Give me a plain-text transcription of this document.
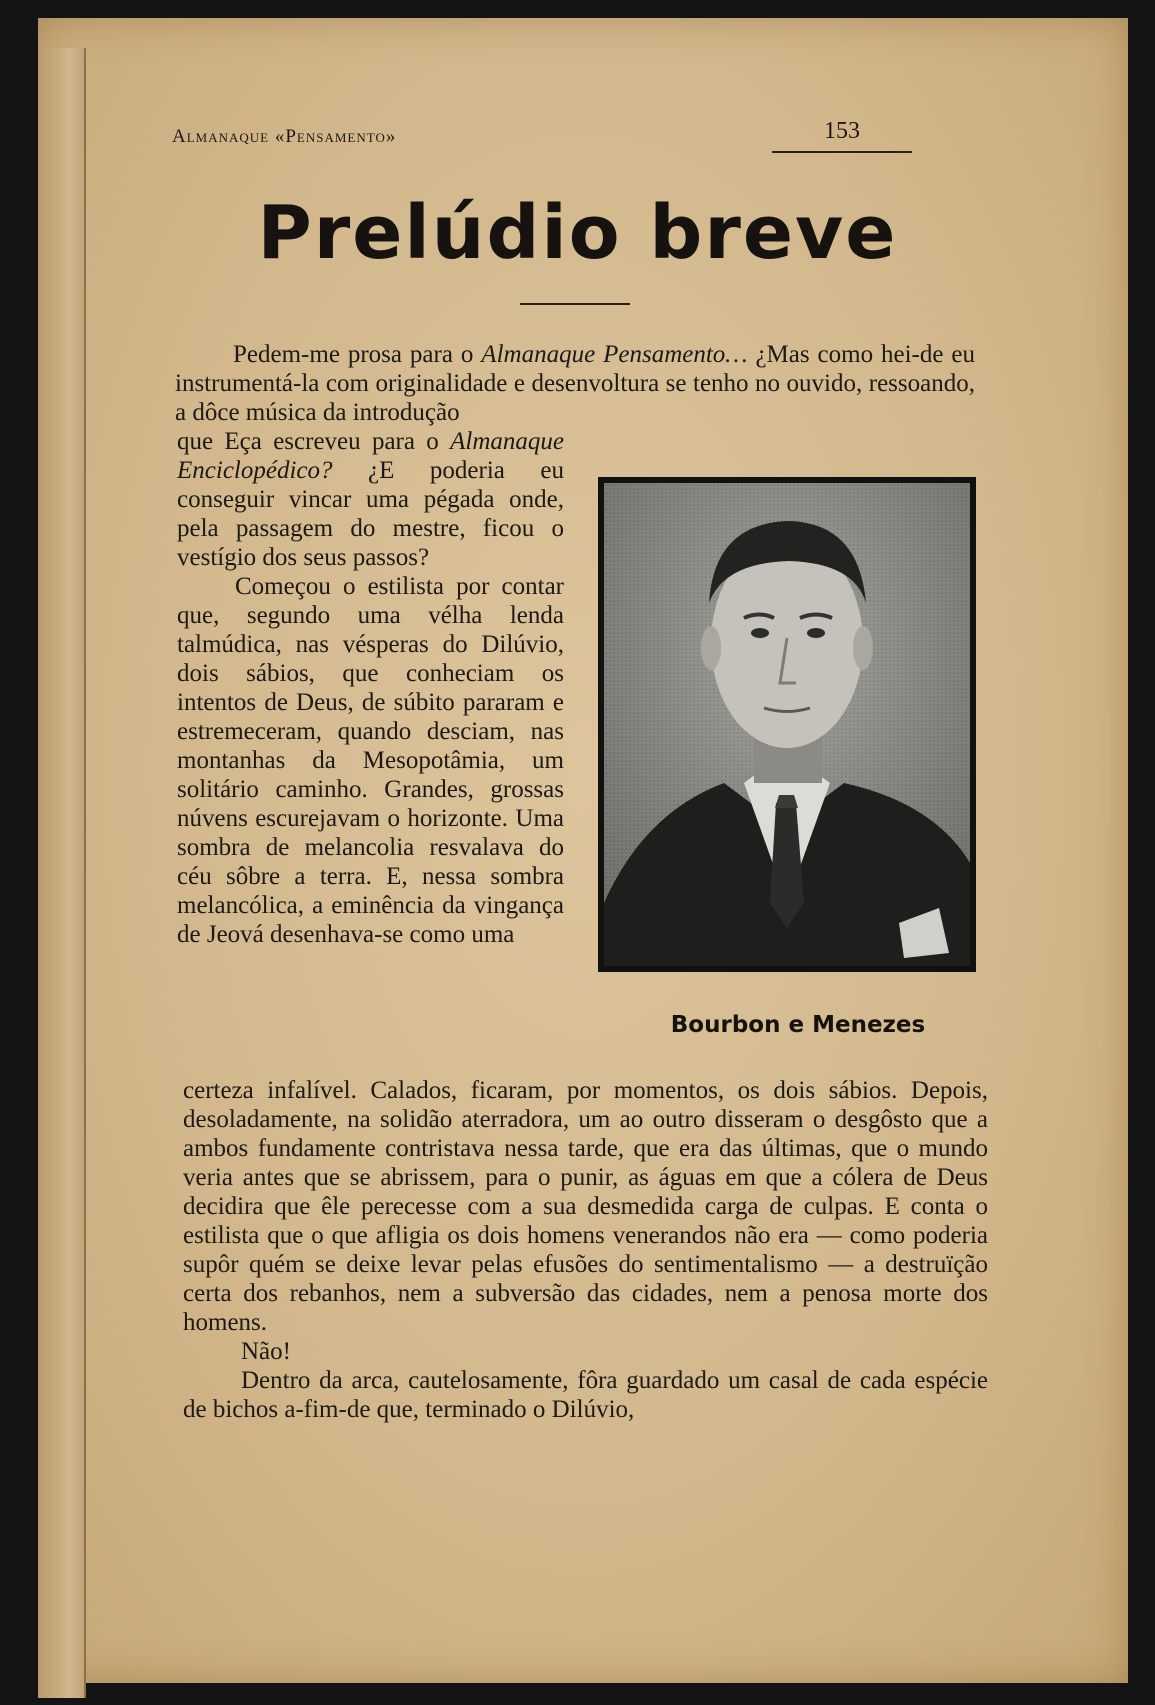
Almanaque «Pensamento»	153
Prelúdio breve

Pedem-me prosa para o Almanaque Pensamento… ¿Mas como hei-de eu instrumentá-la com originalidade e desenvoltura se tenho no ouvido, ressoando, a dôce música da introdução

que Eça escreveu para o Almanaque Enciclopédico? ¿E poderia eu conseguir vincar uma pégada onde, pela passagem do mestre, ficou o vestígio dos seus passos?

Começou o estilista por contar que, segundo uma vélha lenda talmúdica, nas vésperas do Dilúvio, dois sábios, que conheciam os intentos de Deus, de súbito pararam e estremeceram, quando desciam, nas montanhas da Mesopotâmia, um solitário caminho. Grandes, grossas núvens escurejavam o horizonte. Uma sombra de melancolia resvalava do céu sôbre a terra. E, nessa sombra melancólica, a eminência da vingança de Jeová desenhava-se como uma

Bourbon e Menezes

certeza infalível. Calados, ficaram, por momentos, os dois sábios. Depois, desoladamente, na solidão aterradora, um ao outro disseram o desgôsto que a ambos fundamente contristava nessa tarde, que era das últimas, que o mundo veria antes que se abrissem, para o punir, as águas em que a cólera de Deus decidira que êle perecesse com a sua desmedida carga de culpas. E conta o estilista que o que afligia os dois homens venerandos não era — como poderia supôr quém se deixe levar pelas efusões do sentimentalismo — a destruïção certa dos rebanhos, nem a subversão das cidades, nem a penosa morte dos homens.

Não!

Dentro da arca, cautelosamente, fôra guardado um casal de cada espécie de bichos a-fim-de que, terminado o Dilúvio,
